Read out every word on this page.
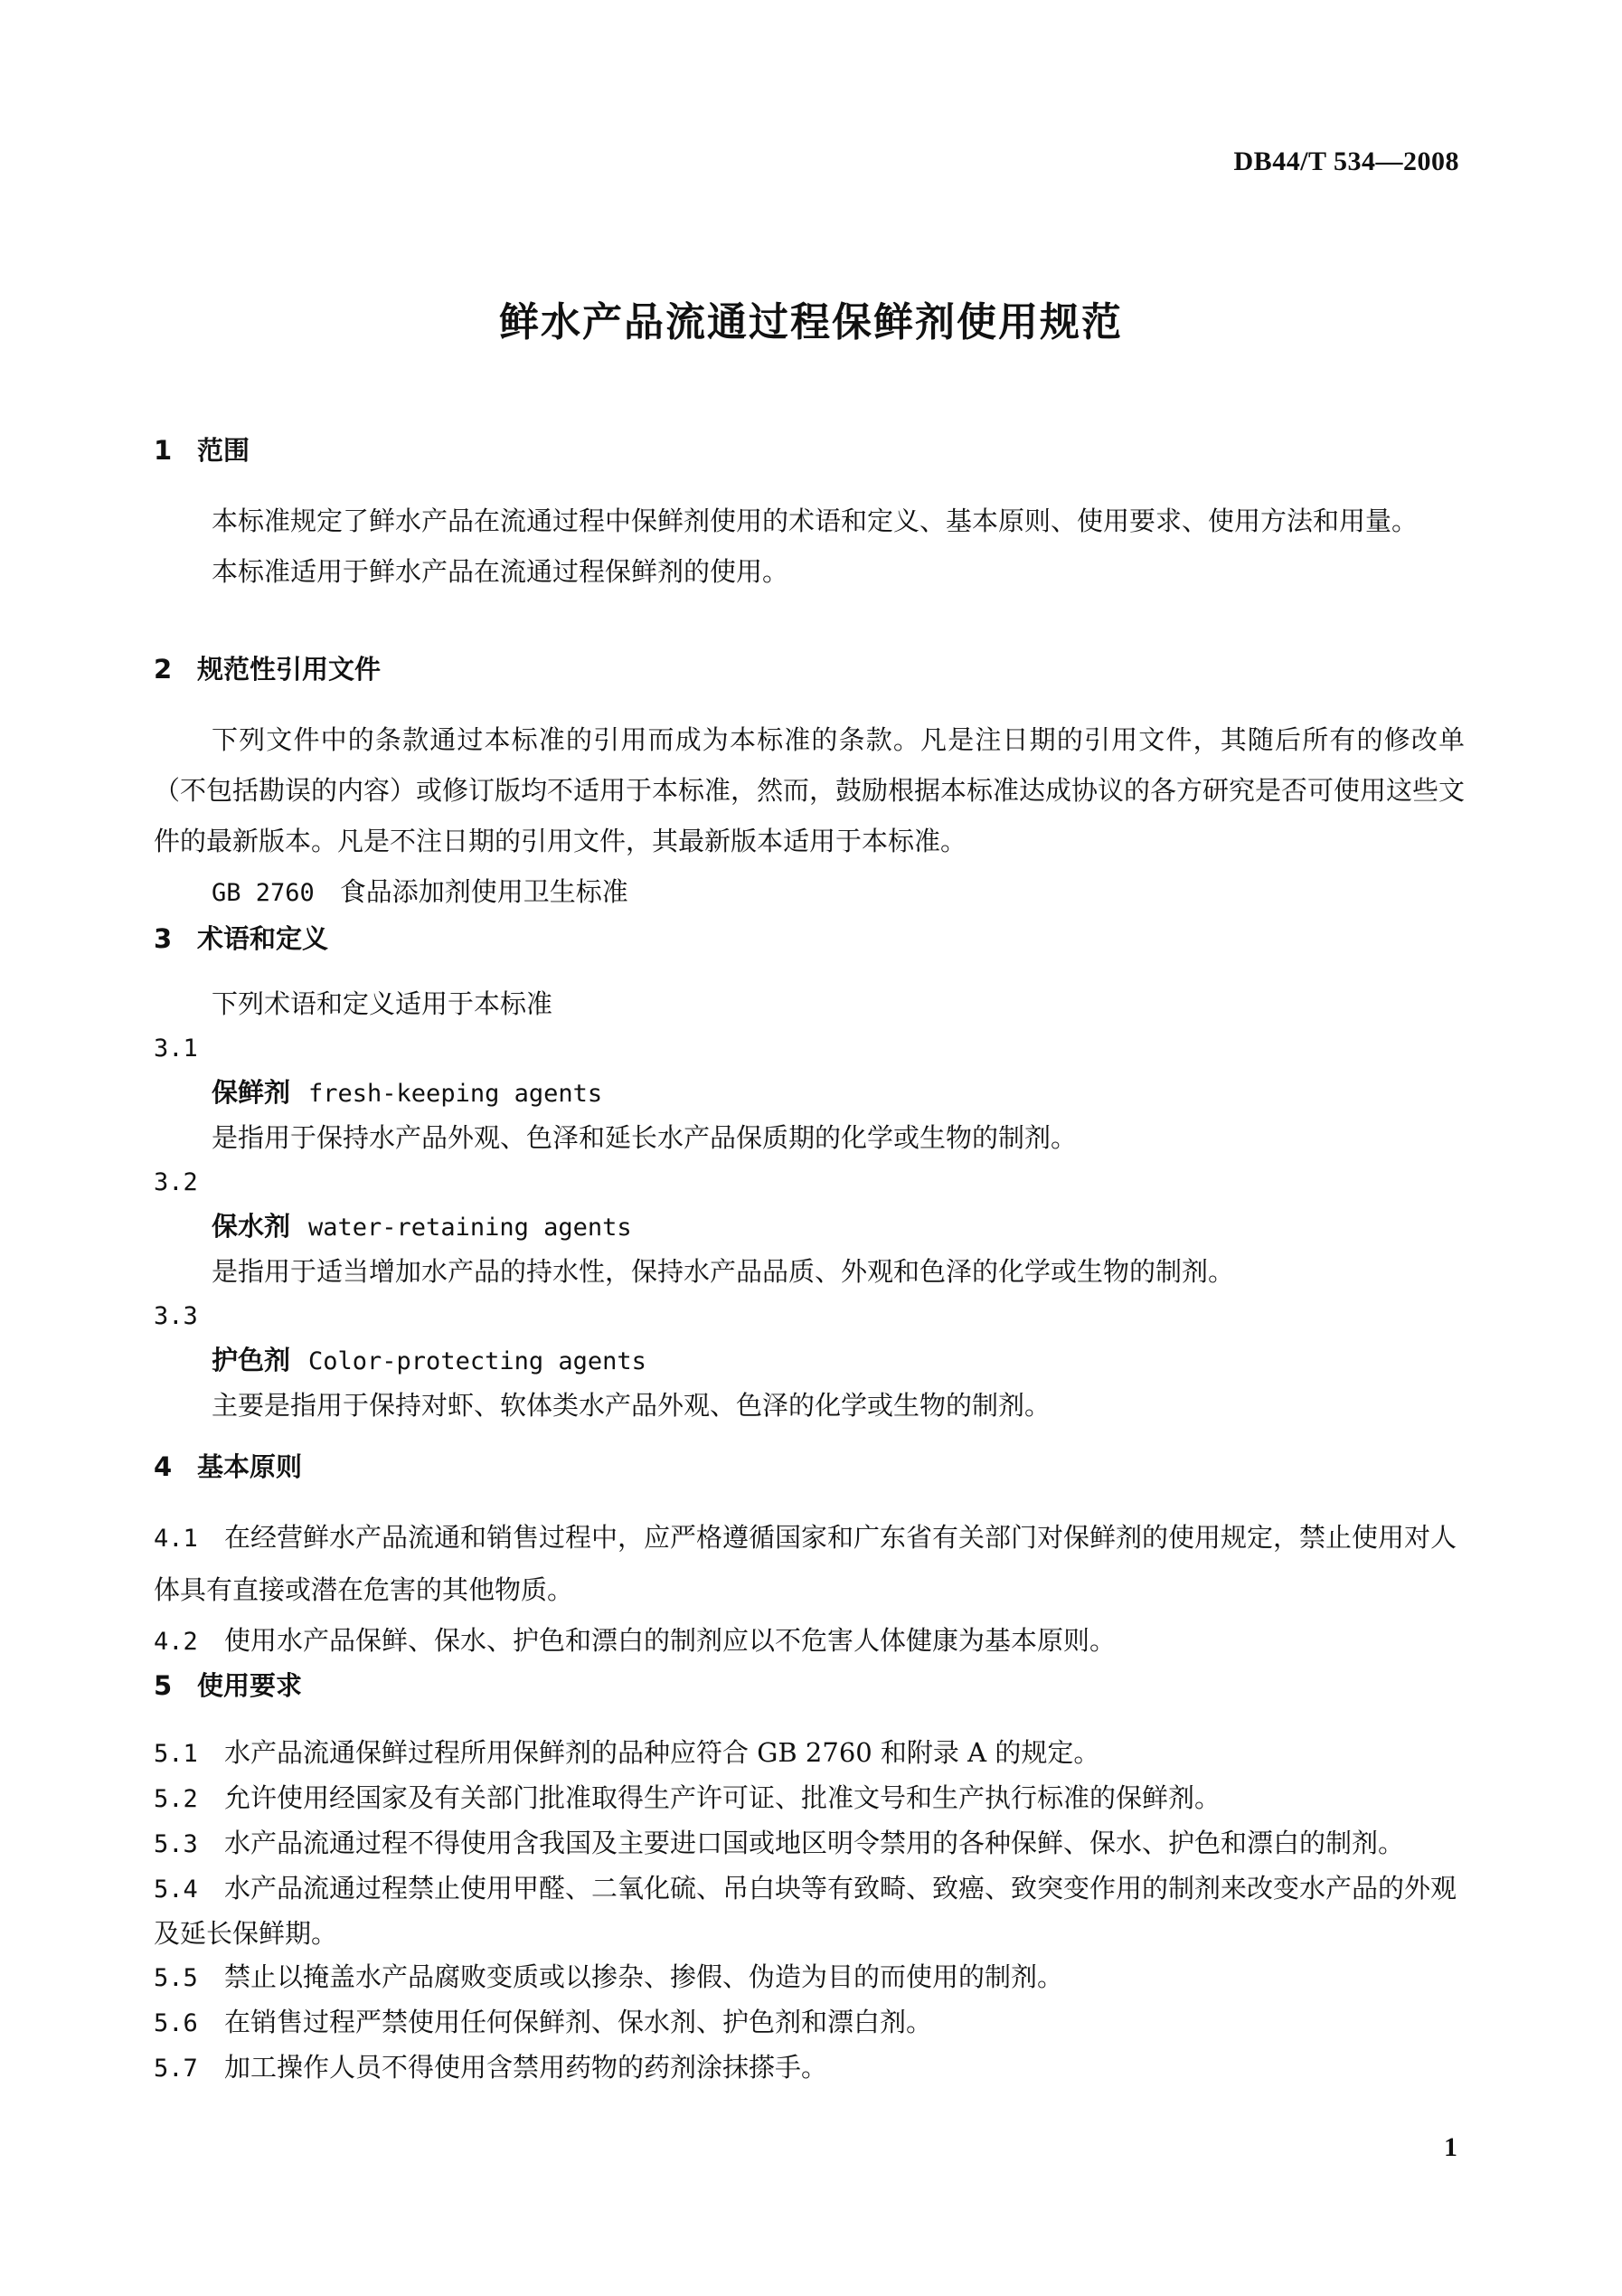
DB44/T 534—2008
鲜水产品流通过程保鲜剂使用规范
1 范围
本标准规定了鲜水产品在流通过程中保鲜剂使用的术语和定义、基本原则、使用要求、使用方法和用量。
本标准适用于鲜水产品在流通过程保鲜剂的使用。
2 规范性引用文件
下列文件中的条款通过本标准的引用而成为本标准的条款。凡是注日期的引用文件，其随后所有的修改单（不包括勘误的内容）或修订版均不适用于本标准，然而，鼓励根据本标准达成协议的各方研究是否可使用这些文件的最新版本。凡是不注日期的引用文件，其最新版本适用于本标准。
GB 2760 食品添加剂使用卫生标准
3 术语和定义
下列术语和定义适用于本标准
3.1
保鲜剂 fresh-keeping agents
是指用于保持水产品外观、色泽和延长水产品保质期的化学或生物的制剂。
3.2
保水剂 water-retaining agents
是指用于适当增加水产品的持水性，保持水产品品质、外观和色泽的化学或生物的制剂。
3.3
护色剂 Color-protecting agents
主要是指用于保持对虾、软体类水产品外观、色泽的化学或生物的制剂。
4 基本原则
4.1 在经营鲜水产品流通和销售过程中，应严格遵循国家和广东省有关部门对保鲜剂的使用规定，禁止使用对人体具有直接或潜在危害的其他物质。
4.2 使用水产品保鲜、保水、护色和漂白的制剂应以不危害人体健康为基本原则。
5 使用要求
5.1 水产品流通保鲜过程所用保鲜剂的品种应符合 GB 2760 和附录 A 的规定。
5.2 允许使用经国家及有关部门批准取得生产许可证、批准文号和生产执行标准的保鲜剂。
5.3 水产品流通过程不得使用含我国及主要进口国或地区明令禁用的各种保鲜、保水、护色和漂白的制剂。
5.4 水产品流通过程禁止使用甲醛、二氧化硫、吊白块等有致畸、致癌、致突变作用的制剂来改变水产品的外观及延长保鲜期。
5.5 禁止以掩盖水产品腐败变质或以掺杂、掺假、伪造为目的而使用的制剂。
5.6 在销售过程严禁使用任何保鲜剂、保水剂、护色剂和漂白剂。
5.7 加工操作人员不得使用含禁用药物的药剂涂抹搽手。
1
